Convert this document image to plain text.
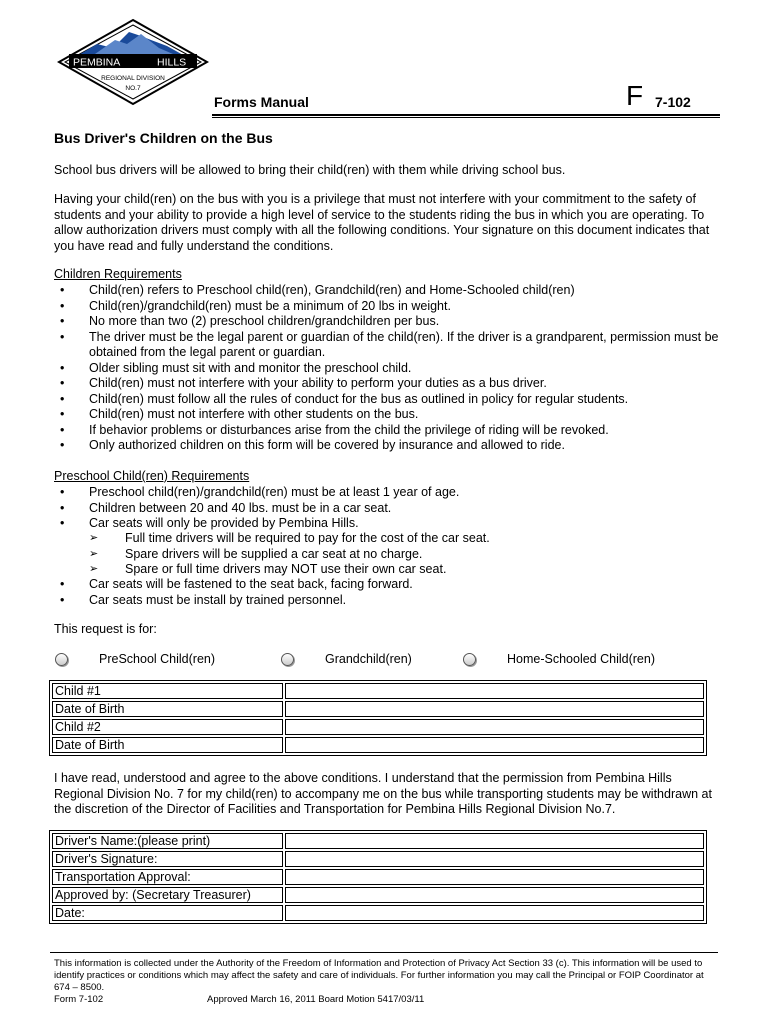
PEMBINA	HILLS
REGIONAL DIVISION
NO.7
Forms Manual	F 7-102
Bus Driver's Children on the Bus
School bus drivers will be allowed to bring their child(ren) with them while driving school bus.
Having your child(ren) on the bus with you is a privilege that must not interfere with your commitment to the safety of students and your ability to provide a high level of service to the students riding the bus in which you are operating. To allow authorization drivers must comply with all the following conditions. Your signature on this document indicates that you have read and fully understand the conditions.
Children Requirements
• Child(ren) refers to Preschool child(ren), Grandchild(ren) and Home-Schooled child(ren)
• Child(ren)/grandchild(ren) must be a minimum of 20 lbs in weight.
• No more than two (2) preschool children/grandchildren per bus.
• The driver must be the legal parent or guardian of the child(ren). If the driver is a grandparent, permission must be obtained from the legal parent or guardian.
• Older sibling must sit with and monitor the preschool child.
• Child(ren) must not interfere with your ability to perform your duties as a bus driver.
• Child(ren) must follow all the rules of conduct for the bus as outlined in policy for regular students.
• Child(ren) must not interfere with other students on the bus.
• If behavior problems or disturbances arise from the child the privilege of riding will be revoked.
• Only authorized children on this form will be covered by insurance and allowed to ride.
Preschool Child(ren) Requirements
• Preschool child(ren)/grandchild(ren) must be at least 1 year of age.
• Children between 20 and 40 lbs. must be in a car seat.
• Car seats will only be provided by Pembina Hills.
➢ Full time drivers will be required to pay for the cost of the car seat.
➢ Spare drivers will be supplied a car seat at no charge.
➢ Spare or full time drivers may NOT use their own car seat.
• Car seats will be fastened to the seat back, facing forward.
• Car seats must be install by trained personnel.
This request is for:
PreSchool Child(ren)	Grandchild(ren)	Home-Schooled Child(ren)
Child #1	
Date of Birth	
Child #2	
Date of Birth	
I have read, understood and agree to the above conditions. I understand that the permission from Pembina Hills Regional Division No. 7 for my child(ren) to accompany me on the bus while transporting students may be withdrawn at the discretion of the Director of Facilities and Transportation for Pembina Hills Regional Division No.7.
Driver's Name:(please print)	
Driver's Signature:	
Transportation Approval:	
Approved by: (Secretary Treasurer)	
Date:	
This information is collected under the Authority of the Freedom of Information and Protection of Privacy Act Section 33 (c). This information will be used to identify practices or conditions which may affect the safety and care of individuals. For further information you may call the Principal or FOIP Coordinator at 674 – 8500.
Form 7-102	Approved March 16, 2011 Board Motion 5417/03/11
